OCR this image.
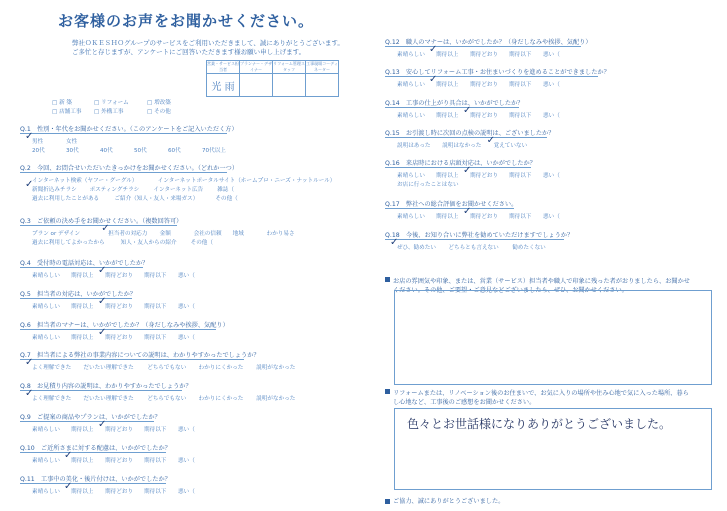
お客様のお声をお聞かせください。
弊社ＯＫＥＳＨＯグループのサービスをご利用いただきまして、誠にありがとうございます。
ご多忙と存じますが、アンケートにご回答いただきます様お願い申し上げます。
営業・サービス担当者	プランナー・デザイナー	リフォーム管理スタッフ	工事現場コーディネーター
光 雨			
□ 新 築	□ リフォーム	□ 増改築
□ 店舗工事 □ 外構工事	□ その他
Q.1　性別・年代をお聞かせください。（このアンケートをご記入いただく方）
男性
✓	女性
20代	30代	40代	50代	60代	70代以上
Q.2　今回、お問合せいただいたきっかけをお聞かせください。（どれか一つ）
インターネット検索（ヤフー・グーグル）	インターネットポータルサイト（ホームプロ・ニーズ・ナットルール）
新聞折込みチラシ
✓	ポスティングチラシ	インターネット広告 雑誌（
過去に利用したことがある	ご紹介（知人・友人・来場ガス）	その他（
Q.3　ご依頼の決め手をお聞かせください。（複数回答可）
プラン or デザイン	担当者の対応力
✓	金額	会社の信頼 地域	わかり易さ
過去に利用してよかったから	知人・友人からの紹介	その他（
Q.4　受付時の電話対応は、いかがでしたか？
素晴らしい 期待以上 期待どおり
✓	期待以下 悪い（
Q.5　担当者の対応は、いかがでしたか？
素晴らしい 期待以上 期待どおり
✓	期待以下 悪い（
Q.6　担当者のマナーは、いかがでしたか？（身だしなみや挨拶、気配り）
素晴らしい 期待以上 期待どおり
✓	期待以下 悪い（
Q.7　担当者による弊社の事業内容についての説明は、わかりやすかったでしょうか？
よく理解できた
✓	だいたい理解できた どちらでもない わかりにくかった 説明がなかった
Q.8　お見積り内容の説明は、わかりやすかったでしょうか？
よく理解できた
✓	だいたい理解できた どちらでもない わかりにくかった 説明がなかった
Q.9　ご提案の商品やプランは、いかがでしたか？
素晴らしい 期待以上 期待どおり
✓	期待以下 悪い（
Q.10　ご近所さまに対する配慮は、いかがでしたか？
素晴らしい 期待以上
✓	期待どおり 期待以下 悪い（
Q.11　工事中の美化・後片付けは、いかがでしたか？
素晴らしい 期待以上
✓	期待どおり 期待以下 悪い（
Q.12　職人のマナーは、いかがでしたか？（身だしなみや挨拶、気配り）
素晴らしい 期待以上
✓	期待どおり 期待以下 悪い（
Q.13　安心してリフォーム工事・お住まいづくりを進めることができましたか？
素晴らしい 期待以上
✓	期待どおり 期待以下 悪い（
Q.14　工事の仕上がり具合は、いかがでしたか？
素晴らしい 期待以上 期待どおり
✓	期待以下 悪い（
Q.15　お引渡し時に次回の点検の説明は、ございましたか？
説明はあった 説明はなかった 覚えていない
✓
Q.16　来店時における店頭対応は、いかがでしたか？
素晴らしい 期待以上 期待どおり
✓	期待以下 悪い（
お店に行ったことはない
Q.17　弊社への総合評価をお聞かせください。
素晴らしい 期待以上 期待どおり
✓	期待以下 悪い（
Q.18　今後、お知り合いに弊社を勧めていただけますでしょうか？
ぜひ、勧めたい
✓	どちらとも言えない 勧めたくない
お店の雰囲気や印象、または、営業（サービス）担当者や職人で印象に残った者がおりましたら、お聞かせください。その他、ご要望・ご意見などございましたら、ぜひ、お聞かせください。
リフォームまたは、リノベーション後のお住まいで、お気に入りの場所や住み心地で気に入った場所、暮らし心地など、工事後のご感想をお聞かせください。
色々とお世話様になりありがとうございました。
ご協力、誠にありがとうございました。
